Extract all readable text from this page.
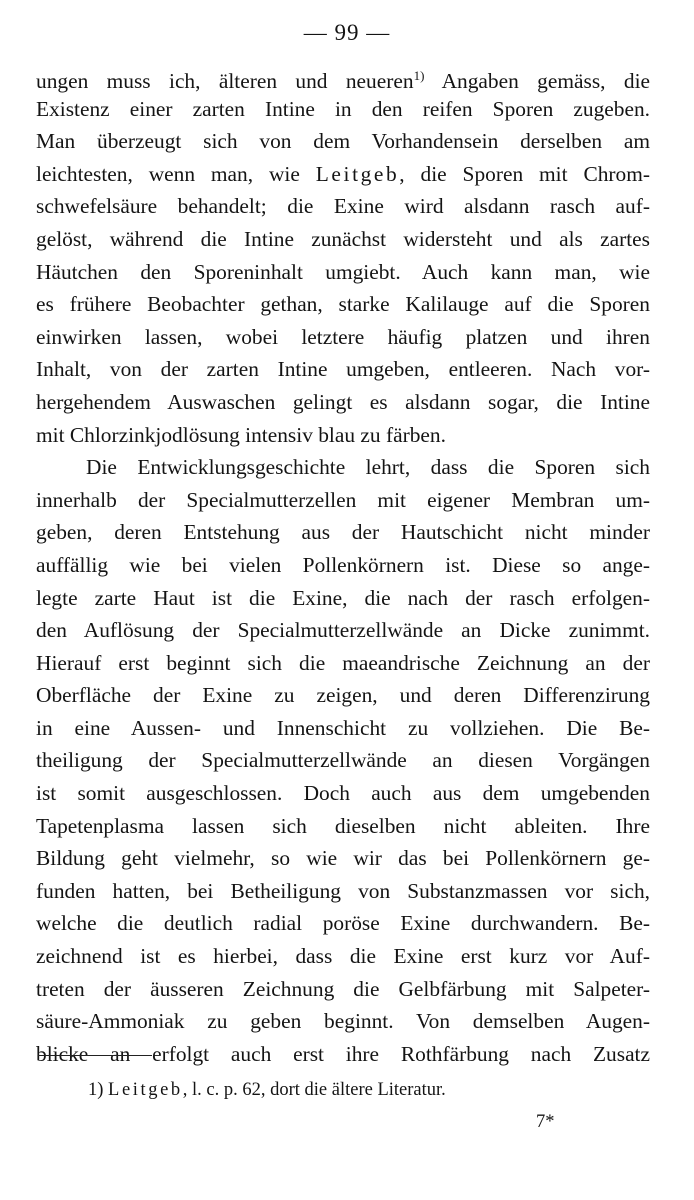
— 99 —
ungen muss ich, älteren und neueren$^{1)}$ Angaben gemäss, die
Existenz einer zarten Intine in den reifen Sporen zugeben.
Man überzeugt sich von dem Vorhandensein derselben am
leichtesten, wenn man, wie Leitgeb, die Sporen mit Chrom-
schwefelsäure behandelt; die Exine wird alsdann rasch auf-
gelöst, während die Intine zunächst widersteht und als zartes
Häutchen den Sporeninhalt umgiebt. Auch kann man, wie
es frühere Beobachter gethan, starke Kalilauge auf die Sporen
einwirken lassen, wobei letztere häufig platzen und ihren
Inhalt, von der zarten Intine umgeben, entleeren. Nach vor-
hergehendem Auswaschen gelingt es alsdann sogar, die Intine
mit Chlorzinkjodlösung intensiv blau zu färben.
Die Entwicklungsgeschichte lehrt, dass die Sporen sich
innerhalb der Specialmutterzellen mit eigener Membran um-
geben, deren Entstehung aus der Hautschicht nicht minder
auffällig wie bei vielen Pollenkörnern ist. Diese so ange-
legte zarte Haut ist die Exine, die nach der rasch erfolgen-
den Auflösung der Specialmutterzellwände an Dicke zunimmt.
Hierauf erst beginnt sich die maeandrische Zeichnung an der
Oberfläche der Exine zu zeigen, und deren Differenzirung
in eine Aussen- und Innenschicht zu vollziehen. Die Be-
theiligung der Specialmutterzellwände an diesen Vorgängen
ist somit ausgeschlossen. Doch auch aus dem umgebenden
Tapetenplasma lassen sich dieselben nicht ableiten. Ihre
Bildung geht vielmehr, so wie wir das bei Pollenkörnern ge-
funden hatten, bei Betheiligung von Substanzmassen vor sich,
welche die deutlich radial poröse Exine durchwandern. Be-
zeichnend ist es hierbei, dass die Exine erst kurz vor Auf-
treten der äusseren Zeichnung die Gelbfärbung mit Salpeter-
säure-Ammoniak zu geben beginnt. Von demselben Augen-
blicke an erfolgt auch erst ihre Rothfärbung nach Zusatz
1) Leitgeb, l. c. p. 62, dort die ältere Literatur.
7*
